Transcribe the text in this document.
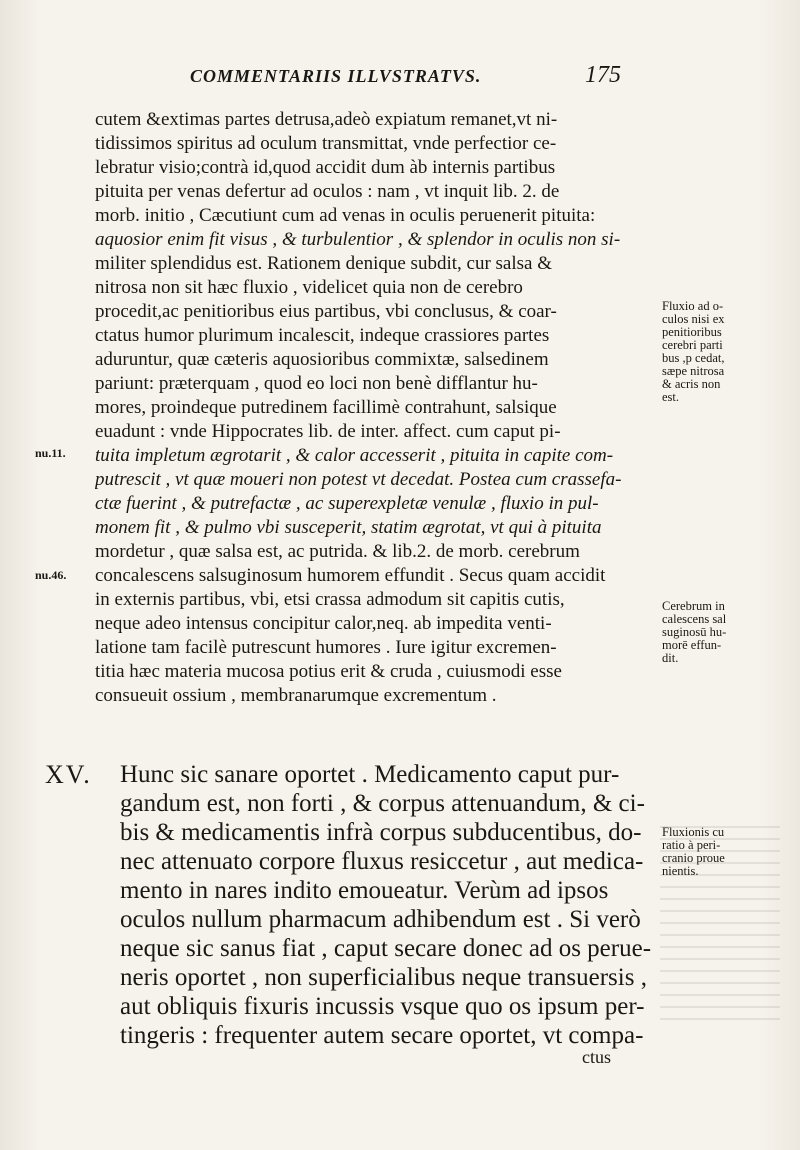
COMMENTARIIS ILLVSTRATVS.	175
cutem &extimas partes detrusa,adeò expiatum remanet,vt ni-
tidissimos spiritus ad oculum transmittat, vnde perfectior ce-
lebratur visio;contrà id,quod accidit dum àb internis partibus
pituita per venas defertur ad oculos : nam , vt inquit lib. 2. de
morb. initio , Cæcutiunt cum ad venas in oculis peruenerit pituita:
aquosior enim fit visus , & turbulentior , & splendor in oculis non si-
militer splendidus est. Rationem denique subdit, cur salsa &
nitrosa non sit hæc fluxio , videlicet quia non de cerebro
procedit,ac penitioribus eius partibus, vbi conclusus, & coar-
ctatus humor plurimum incalescit, indeque crassiores partes
aduruntur, quæ cæteris aquosioribus commixtæ, salsedinem
pariunt: præterquam , quod eo loci non benè difflantur hu-
mores, proindeque putredinem facillimè contrahunt, salsique
euadunt : vnde Hippocrates lib. de inter. affect. cum caput pi-
tuita impletum ægrotarit , & calor accesserit , pituita in capite com-
putrescit , vt quæ moueri non potest vt decedat. Postea cum crassefa-
ctæ fuerint , & putrefactæ , ac superexpletæ venulæ , fluxio in pul-
monem fit , & pulmo vbi susceperit, statim ægrotat, vt qui à pituita
mordetur , quæ salsa est, ac putrida. & lib.2. de morb. cerebrum
concalescens salsuginosum humorem effundit . Secus quam accidit
in externis partibus, vbi, etsi crassa admodum sit capitis cutis,
neque adeo intensus concipitur calor,neq. ab impedita venti-
latione tam facilè putrescunt humores . Iure igitur excremen-
titia hæc materia mucosa potius erit & cruda , cuiusmodi esse
consueuit ossium , membranarumque excrementum .
nu.11.
nu.46.
XV. Hunc sic sanare oportet . Medicamento caput pur-
gandum est, non forti , & corpus attenuandum, & ci-
bis & medicamentis infrà corpus subducentibus, do-
nec attenuato corpore fluxus resiccetur , aut medica-
mento in nares indito emoueatur. Verùm ad ipsos
oculos nullum pharmacum adhibendum est . Si verò
neque sic sanus fiat , caput secare donec ad os perue-
neris oportet , non superficialibus neque transuersis ,
aut obliquis fixuris incussis vsque quo os ipsum per-
tingeris : frequenter autem secare oportet, vt compa-
ctus
Fluxio ad o-
culos nisi ex
penitioribus
cerebri parti
bus ,p cedat,
sæpe nitrosa
& acris non
est.
Cerebrum in
calescens sal
suginosū hu-
morē effun-
dit.
Fluxionis cu
ratio à peri-
cranio proue
nientis.
